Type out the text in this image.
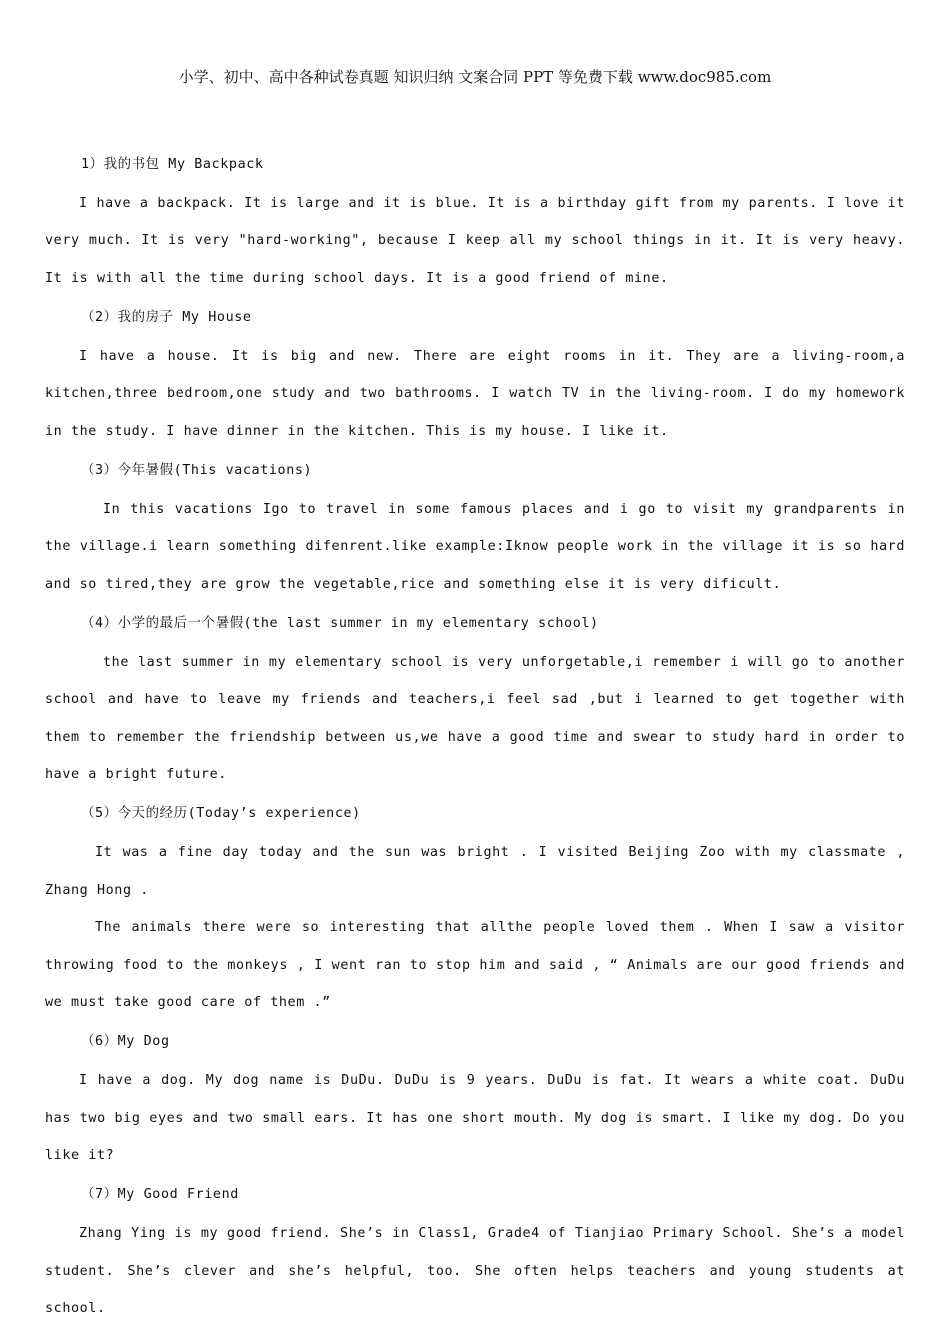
小学、初中、高中各种试卷真题 知识归纳 文案合同 PPT 等免费下载 www.doc985.com

1）我的书包 My Backpack

I have a backpack. It is large and it is blue. It is a birthday gift from my parents. I love it very much. It is very "hard-working", because I keep all my school things in it. It is very heavy. It is with all the time during school days. It is a good friend of mine.

（2）我的房子 My House

I have a house. It is big and new. There are eight rooms in it. They are a living-room,a kitchen,three bedroom,one study and two bathrooms. I watch TV in the living-room. I do my homework in the study. I have dinner in the kitchen. This is my house. I like it.

（3）今年暑假(This vacations)

In this vacations Igo to travel in some famous places and i go to visit my grandparents in the village.i learn something difenrent.like example:Iknow people work in the village it is so hard and so tired,they are grow the vegetable,rice and something else it is very dificult.

（4）小学的最后一个暑假(the last summer in my elementary school)

the last summer in my elementary school is very unforgetable,i remember i will go to another school and have to leave my friends and teachers,i feel sad ,but i learned to get together with them to remember the friendship between us,we have a good time and swear to study hard in order to have a bright future.

（5）今天的经历(Today’s experience)

It was a fine day today and the sun was bright . I visited Beijing Zoo with my classmate , Zhang Hong .

The animals there were so interesting that allthe people loved them . When I saw a visitor throwing food to the monkeys , I went ran to stop him and said , “ Animals are our good friends and we must take good care of them .”

（6）My Dog

I have a dog. My dog name is DuDu. DuDu is 9 years. DuDu is fat. It wears a white coat. DuDu has two big eyes and two small ears. It has one short mouth. My dog is smart. I like my dog. Do you like it?

（7）My Good Friend

Zhang Ying is my good friend. She’s in Class1, Grade4 of Tianjiao Primary School. She’s a model student. She’s clever and she’s helpful, too. She often helps teachers and young students at school.
